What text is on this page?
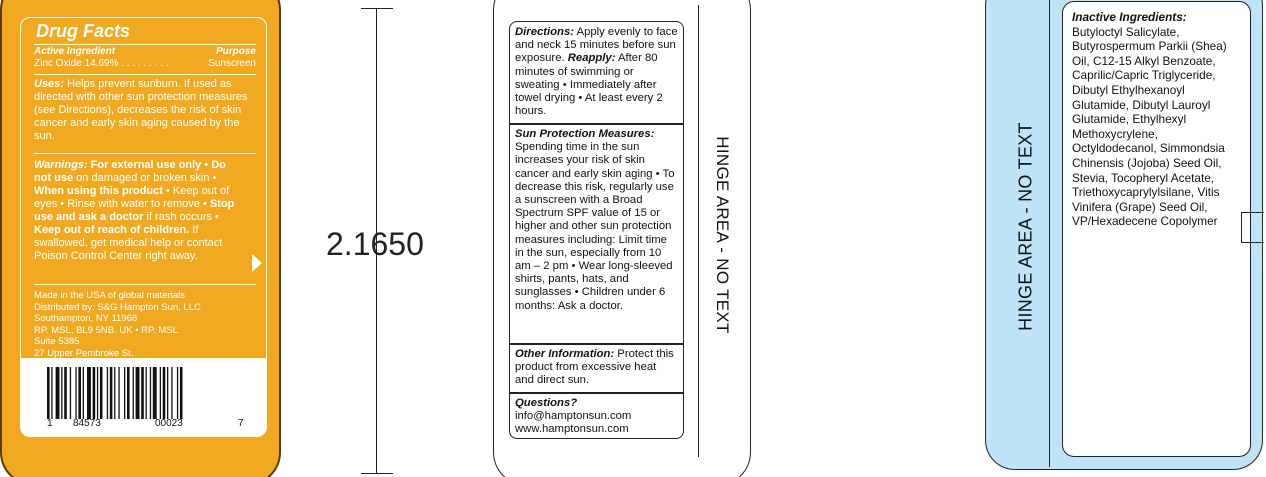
Drug Facts
Active Ingredient	Purpose
Zinc Oxide 14.69% . . . . . . . . .	Sunscreen
Uses: Helps prevent sunburn. If used as directed with other sun protection measures (see Directions), decreases the risk of skin cancer and early skin aging caused by the sun.
Warnings: For external use only • Do not use on damaged or broken skin • When using this product • Keep out of eyes • Rinse with water to remove • Stop use and ask a doctor if rash occurs • Keep out of reach of children. If swallowed, get medical help or contact Poison Control Center right away.
Made in the USA of global materials
Distributed by: S&G Hampton Sun, LLC
Southampton, NY 11968
RP. MSL, BL9 5NB. UK • RP. MSL
Suite 5385
27 Upper Pembroke St.
1 84573	00023	7
2.1650
Directions: Apply evenly to face and neck 15 minutes before sun exposure. Reapply: After 80 minutes of swimming or sweating • Immediately after towel drying • At least every 2 hours.
Sun Protection Measures:
Spending time in the sun increases your risk of skin cancer and early skin aging • To decrease this risk, regularly use a sunscreen with a Broad Spectrum SPF value of 15 or higher and other sun protection measures including: Limit time in the sun, especially from 10 am – 2 pm • Wear long-sleeved shirts, pants, hats, and sunglasses • Children under 6 months: Ask a doctor.
Other Information: Protect this product from excessive heat and direct sun.
Questions?
info@hamptonsun.com
www.hamptonsun.com
HINGE AREA - NO TEXT	HINGE AREA - NO TEXT
Inactive Ingredients:
Butyloctyl Salicylate, Butyrospermum Parkii (Shea) Oil, C12-15 Alkyl Benzoate, Caprilic/Capric Triglyceride, Dibutyl Ethylhexanoyl Glutamide, Dibutyl Lauroyl Glutamide, Ethylhexyl Methoxycrylene, Octyldodecanol, Simmondsia Chinensis (Jojoba) Seed Oil, Stevia, Tocopheryl Acetate, Triethoxycaprylylsilane, Vitis Vinifera (Grape) Seed Oil, VP/Hexadecene Copolymer
